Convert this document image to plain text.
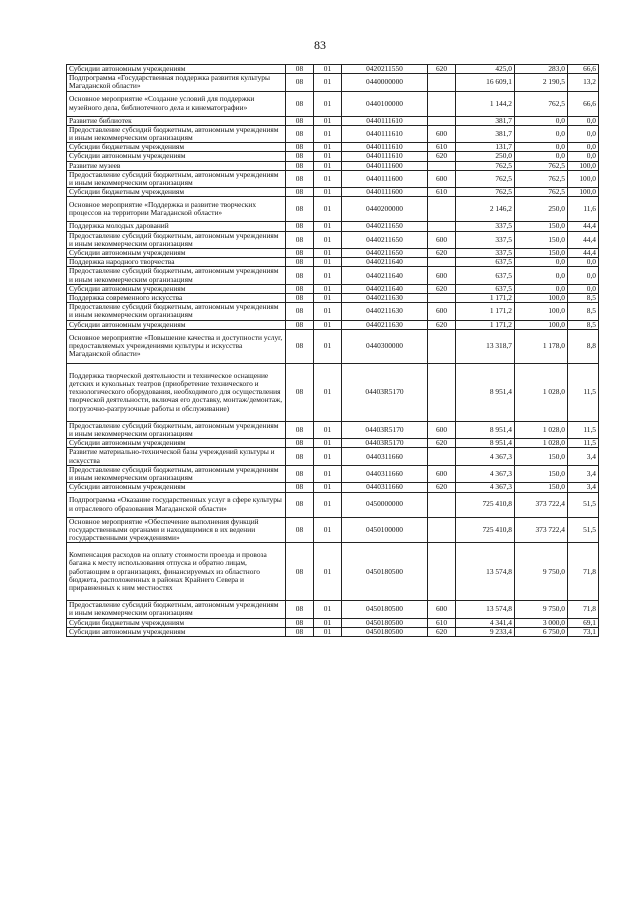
83
Субсидии автономным учреждениям	08	01	0420211550	620	425,0	283,0	66,6
Подпрограмма «Государственная поддержка развития культуры Магаданской области»	08	01	0440000000		16 609,1	2 190,5	13,2
Основное мероприятие «Создание условий для поддержки музейного дела, библиотечного дела и кинематографии»	08	01	0440100000		1 144,2	762,5	66,6
Развитие библиотек	08	01	0440111610		381,7	0,0	0,0
Предоставление субсидий бюджетным, автономным учреждениям и иным некоммерческим организациям	08	01	0440111610	600	381,7	0,0	0,0
Субсидии бюджетным учреждениям	08	01	0440111610	610	131,7	0,0	0,0
Субсидии автономным учреждениям	08	01	0440111610	620	250,0	0,0	0,0
Развитие музеев	08	01	0440111600		762,5	762,5	100,0
Предоставление субсидий бюджетным, автономным учреждениям и иным некоммерческим организациям	08	01	0440111600	600	762,5	762,5	100,0
Субсидии бюджетным учреждениям	08	01	0440111600	610	762,5	762,5	100,0
Основное мероприятие «Поддержка и развитие творческих процессов на территории Магаданской области»	08	01	0440200000		2 146,2	250,0	11,6
Поддержка молодых дарований	08	01	0440211650		337,5	150,0	44,4
Предоставление субсидий бюджетным, автономным учреждениям и иным некоммерческим организациям	08	01	0440211650	600	337,5	150,0	44,4
Субсидии автономным учреждениям	08	01	0440211650	620	337,5	150,0	44,4
Поддержка народного творчества	08	01	0440211640		637,5	0,0	0,0
Предоставление субсидий бюджетным, автономным учреждениям и иным некоммерческим организациям	08	01	0440211640	600	637,5	0,0	0,0
Субсидии автономным учреждениям	08	01	0440211640	620	637,5	0,0	0,0
Поддержка современного искусства	08	01	0440211630		1 171,2	100,0	8,5
Предоставление субсидий бюджетным, автономным учреждениям и иным некоммерческим организациям	08	01	0440211630	600	1 171,2	100,0	8,5
Субсидии автономным учреждениям	08	01	0440211630	620	1 171,2	100,0	8,5
Основное мероприятие «Повышение качества и доступности услуг, предоставляемых учреждениями культуры и искусства Магаданской области»	08	01	0440300000		13 318,7	1 178,0	8,8
Поддержка творческой деятельности и техническое оснащение детских и кукольных театров (приобретение технического и технологического оборудования, необходимого для осуществления творческой деятельности, включая его доставку, монтаж/демонтаж, погрузочно-разгрузочные работы и обслуживание)	08	01	04403R5170		8 951,4	1 028,0	11,5
Предоставление субсидий бюджетным, автономным учреждениям и иным некоммерческим организациям	08	01	04403R5170	600	8 951,4	1 028,0	11,5
Субсидии автономным учреждениям	08	01	04403R5170	620	8 951,4	1 028,0	11,5
Развитие материально-технической базы учреждений культуры и искусства	08	01	0440311660		4 367,3	150,0	3,4
Предоставление субсидий бюджетным, автономным учреждениям и иным некоммерческим организациям	08	01	0440311660	600	4 367,3	150,0	3,4
Субсидии автономным учреждениям	08	01	0440311660	620	4 367,3	150,0	3,4
Подпрограмма «Оказание государственных услуг в сфере культуры и отраслевого образования Магаданской области»	08	01	0450000000		725 410,8	373 722,4	51,5
Основное мероприятие «Обеспечение выполнения функций государственными органами и находящимися в их ведении государственными учреждениями»	08	01	0450100000		725 410,8	373 722,4	51,5
Компенсация расходов на оплату стоимости проезда и провоза багажа к месту использования отпуска и обратно лицам, работающим в организациях, финансируемых из областного бюджета, расположенных в районах Крайнего Севера и приравненных к ним местностях	08	01	0450180500		13 574,8	9 750,0	71,8
Предоставление субсидий бюджетным, автономным учреждениям и иным некоммерческим организациям	08	01	0450180500	600	13 574,8	9 750,0	71,8
Субсидии бюджетным учреждениям	08	01	0450180500	610	4 341,4	3 000,0	69,1
Субсидии автономным учреждениям	08	01	0450180500	620	9 233,4	6 750,0	73,1
